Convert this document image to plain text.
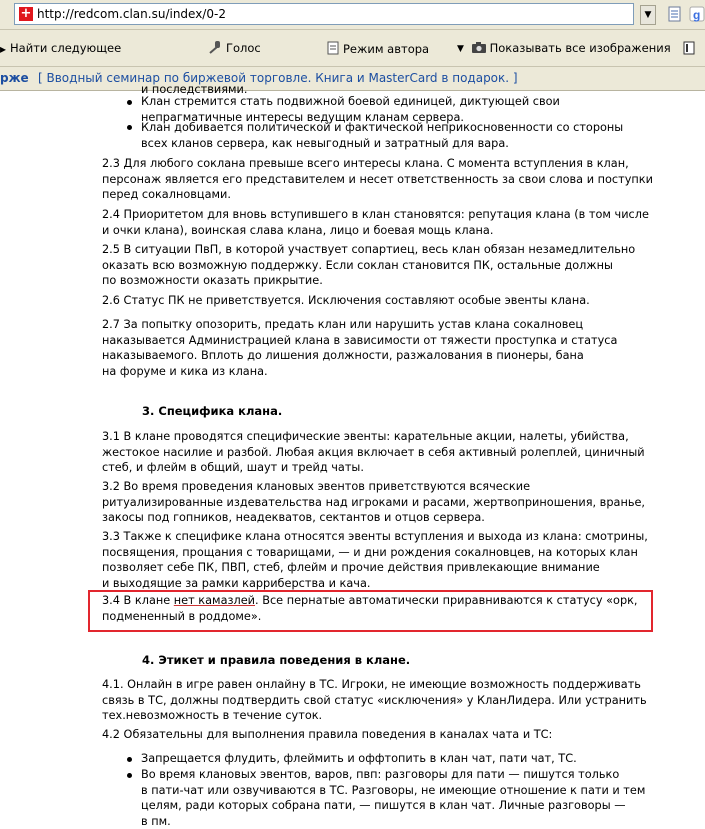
+ http://redcom.clan.su/index/0-2	▼	g
▸ Найти следующее	Голос	Режим автора	▼ Показывать все изображения
рже [ Вводный семинар по биржевой торговле. Книга и MasterCard в подарок. ]
и последствиями.
Клан стремится стать подвижной боевой единицей, диктующей свои
непрагматичные интересы ведущим кланам сервера.
Клан добивается политической и фактической неприкосновенности со стороны
всех кланов сервера, как невыгодный и затратный для вара.
2.3 Для любого соклана превыше всего интересы клана. С момента вступления в клан,
персонаж является его представителем и несет ответственность за свои слова и поступки
перед сокалновцами.
2.4 Приоритетом для вновь вступившего в клан становятся: репутация клана (в том числе
и очки клана), воинская слава клана, лицо и боевая мощь клана.
2.5 В ситуации ПвП, в которой участвует сопартиец, весь клан обязан незамедлительно
оказать всю возможную поддержку. Если соклан становится ПК, остальные должны
по возможности оказать прикрытие.
2.6 Статус ПК не приветствуется. Исключения составляют особые эвенты клана.
2.7 За попытку опозорить, предать клан или нарушить устав клана сокалновец
наказывается Администрацией клана в зависимости от тяжести проступка и статуса
наказываемого. Вплоть до лишения должности, разжалования в пионеры, бана
на форуме и кика из клана.
3. Специфика клана.
3.1 В клане проводятся специфические эвенты: карательные акции, налеты, убийства,
жестокое насилие и разбой. Любая акция включает в себя активный ролеплей, циничный
стеб, и флейм в общий, шаут и трейд чаты.
3.2 Во время проведения клановых эвентов приветствуются всяческие
ритуализированные издевательства над игроками и расами, жертвоприношения, вранье,
закосы под гопников, неадекватов, сектантов и отцов сервера.
3.3 Также к специфике клана относятся эвенты вступления и выхода из клана: смотрины,
посвящения, прощания с товарищами, — и дни рождения сокалновцев, на которых клан
позволяет себе ПК, ПВП, стеб, флейм и прочие действия привлекающие внимание
и выходящие за рамки карриберства и кача.
3.4 В клане нет камазлей. Все пернатые автоматически приравниваются к статусу «орк,
подмененный в роддоме».
4. Этикет и правила поведения в клане.
4.1. Онлайн в игре равен онлайну в ТС. Игроки, не имеющие возможность поддерживать
связь в ТС, должны подтвердить свой статус «исключения» у КланЛидера. Или устранить
тех.невозможность в течение суток.
4.2 Обязательны для выполнения правила поведения в каналах чата и ТС:
Запрещается флудить, флеймить и оффтопить в клан чат, пати чат, ТС.
Во время клановых эвентов, варов, пвп: разговоры для пати — пишутся только
в пати-чат или озвучиваются в ТС. Разговоры, не имеющие отношение к пати и тем
целям, ради которых собрана пати, — пишутся в клан чат. Личные разговоры —
в пм.
